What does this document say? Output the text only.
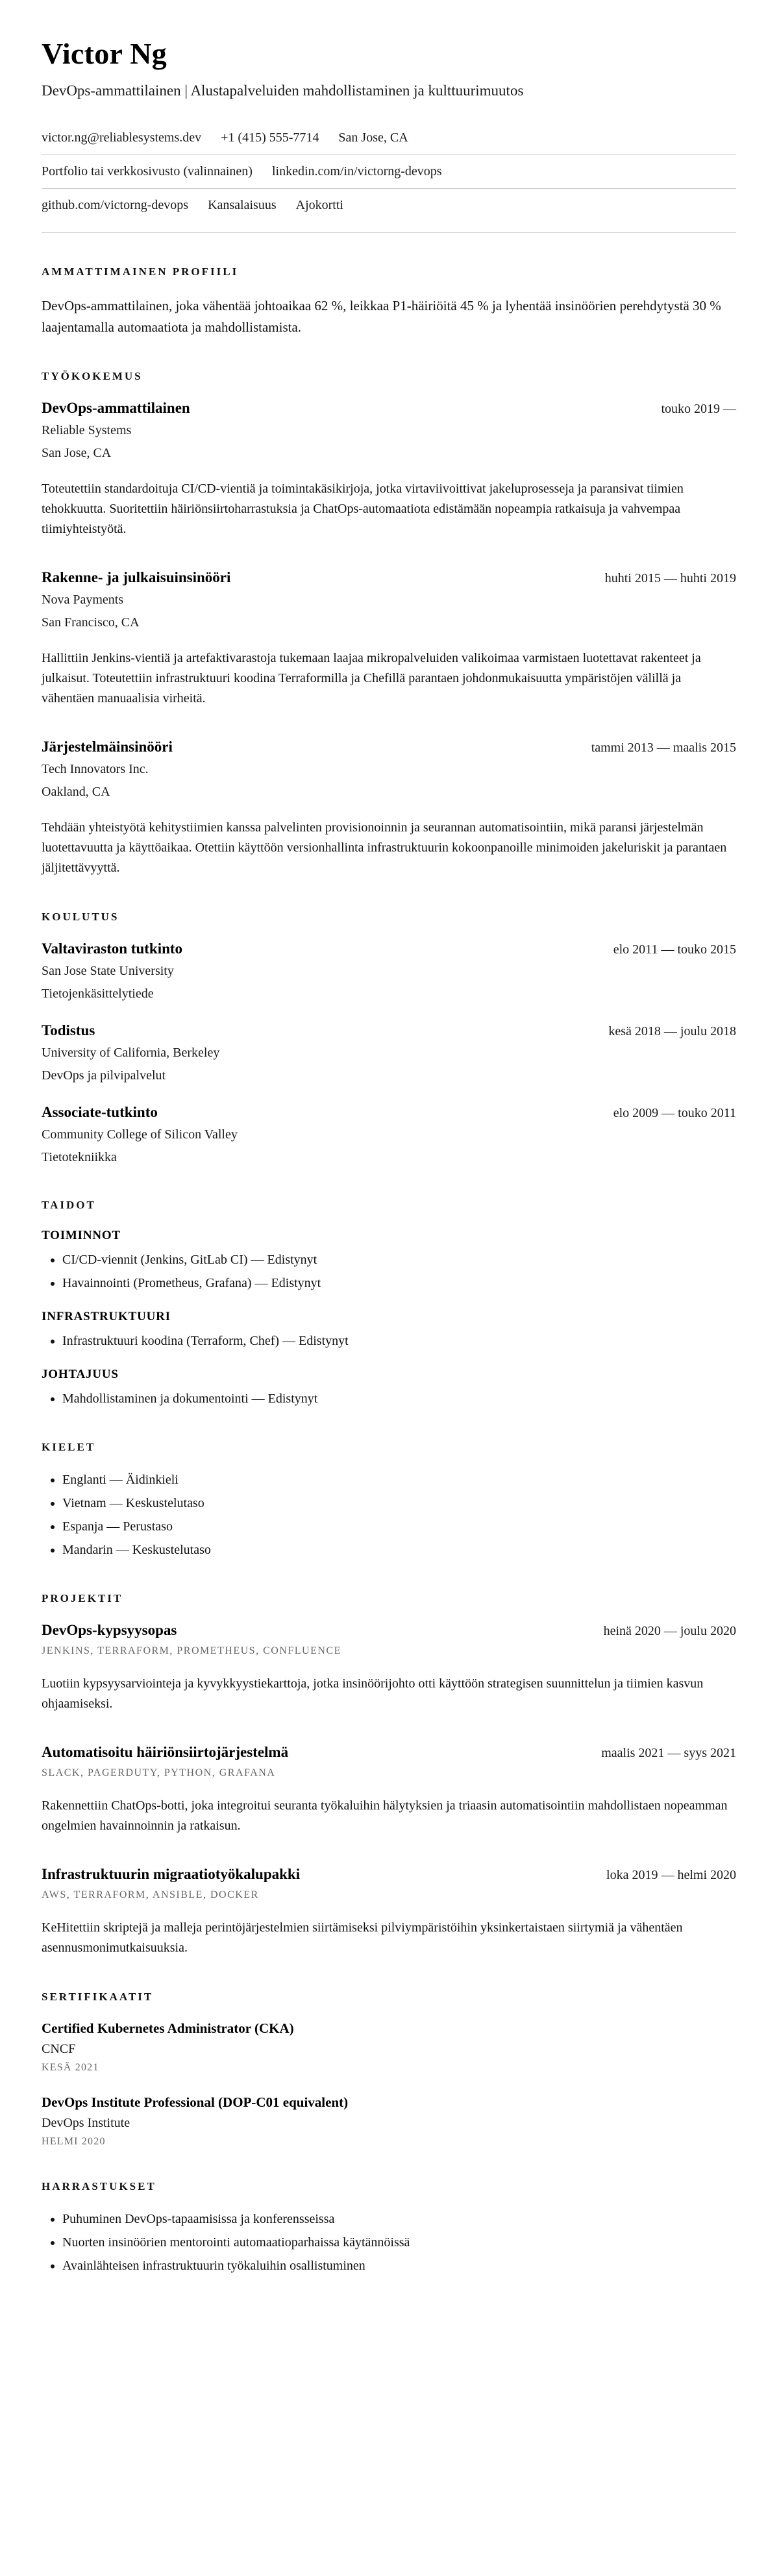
Victor Ng
DevOps-ammattilainen | Alustapalveluiden mahdollistaminen ja kulttuurimuutos
victor.ng@reliablesystems.dev +1 (415) 555-7714 San Jose, CA
Portfolio tai verkkosivusto (valinnainen) linkedin.com/in/victorng-devops
github.com/victorng-devops Kansalaisuus Ajokortti
AMMATTIMAINEN PROFIILI

DevOps-ammattilainen, joka vähentää johtoaikaa 62 %, leikkaa P1-häiriöitä 45 % ja lyhentää insinöörien perehdytystä 30 % laajentamalla automaatiota ja mahdollistamista.

TYÖKOKEMUS
DevOps-ammattilainen	touko 2019 —
Reliable Systems
San Jose, CA

Toteutettiin standardoituja CI/CD-vientiä ja toimintakäsikirjoja, jotka virtaviivoittivat jakeluprosesseja ja paransivat tiimien tehokkuutta. Suoritettiin häiriönsiirtoharrastuksia ja ChatOps-automaatiota edistämään nopeampia ratkaisuja ja vahvempaa tiimiyhteistyötä.

Rakenne- ja julkaisuinsinööri	huhti 2015 — huhti 2019
Nova Payments
San Francisco, CA

Hallittiin Jenkins-vientiä ja artefaktivarastoja tukemaan laajaa mikropalveluiden valikoimaa varmistaen luotettavat rakenteet ja julkaisut. Toteutettiin infrastruktuuri koodina Terraformilla ja Chefillä parantaen johdonmukaisuutta ympäristöjen välillä ja vähentäen manuaalisia virheitä.

Järjestelmäinsinööri	tammi 2013 — maalis 2015
Tech Innovators Inc.
Oakland, CA

Tehdään yhteistyötä kehitystiimien kanssa palvelinten provisionoinnin ja seurannan automatisointiin, mikä paransi järjestelmän luotettavuutta ja käyttöaikaa. Otettiin käyttöön versionhallinta infrastruktuurin kokoonpanoille minimoiden jakeluriskit ja parantaen jäljitettävyyttä.

KOULUTUS
Valtaviraston tutkinto	elo 2011 — touko 2015
San Jose State University
Tietojenkäsittelytiede
Todistus	kesä 2018 — joulu 2018
University of California, Berkeley
DevOps ja pilvipalvelut
Associate-tutkinto	elo 2009 — touko 2011
Community College of Silicon Valley
Tietotekniikka
TAIDOT
TOIMINNOT
• CI/CD-viennit (Jenkins, GitLab CI) — Edistynyt
• Havainnointi (Prometheus, Grafana) — Edistynyt
INFRASTRUKTUURI
• Infrastruktuuri koodina (Terraform, Chef) — Edistynyt
JOHTAJUUS
• Mahdollistaminen ja dokumentointi — Edistynyt
KIELET
• Englanti — Äidinkieli
• Vietnam — Keskustelutaso
• Espanja — Perustaso
• Mandarin — Keskustelutaso
PROJEKTIT
DevOps-kypsyysopas	heinä 2020 — joulu 2020
JENKINS, TERRAFORM, PROMETHEUS, CONFLUENCE

Luotiin kypsyysarviointeja ja kyvykkyystiekarttoja, jotka insinöörijohto otti käyttöön strategisen suunnittelun ja tiimien kasvun ohjaamiseksi.

Automatisoitu häiriönsiirtojärjestelmä	maalis 2021 — syys 2021
SLACK, PAGERDUTY, PYTHON, GRAFANA

Rakennettiin ChatOps-botti, joka integroitui seuranta työkaluihin hälytyksien ja triaasin automatisointiin mahdollistaen nopeamman ongelmien havainnoinnin ja ratkaisun.

Infrastruktuurin migraatiotyökalupakki	loka 2019 — helmi 2020
AWS, TERRAFORM, ANSIBLE, DOCKER

KeHitettiin skriptejä ja malleja perintöjärjestelmien siirtämiseksi pilviympäristöihin yksinkertaistaen siirtymiä ja vähentäen asennusmonimutkaisuuksia.

SERTIFIKAATIT
Certified Kubernetes Administrator (CKA)
CNCF
KESÄ 2021
DevOps Institute Professional (DOP-C01 equivalent)
DevOps Institute
HELMI 2020
HARRASTUKSET
• Puhuminen DevOps-tapaamisissa ja konferensseissa
• Nuorten insinöörien mentorointi automaatioparhaissa käytännöissä
• Avainlähteisen infrastruktuurin työkaluihin osallistuminen
